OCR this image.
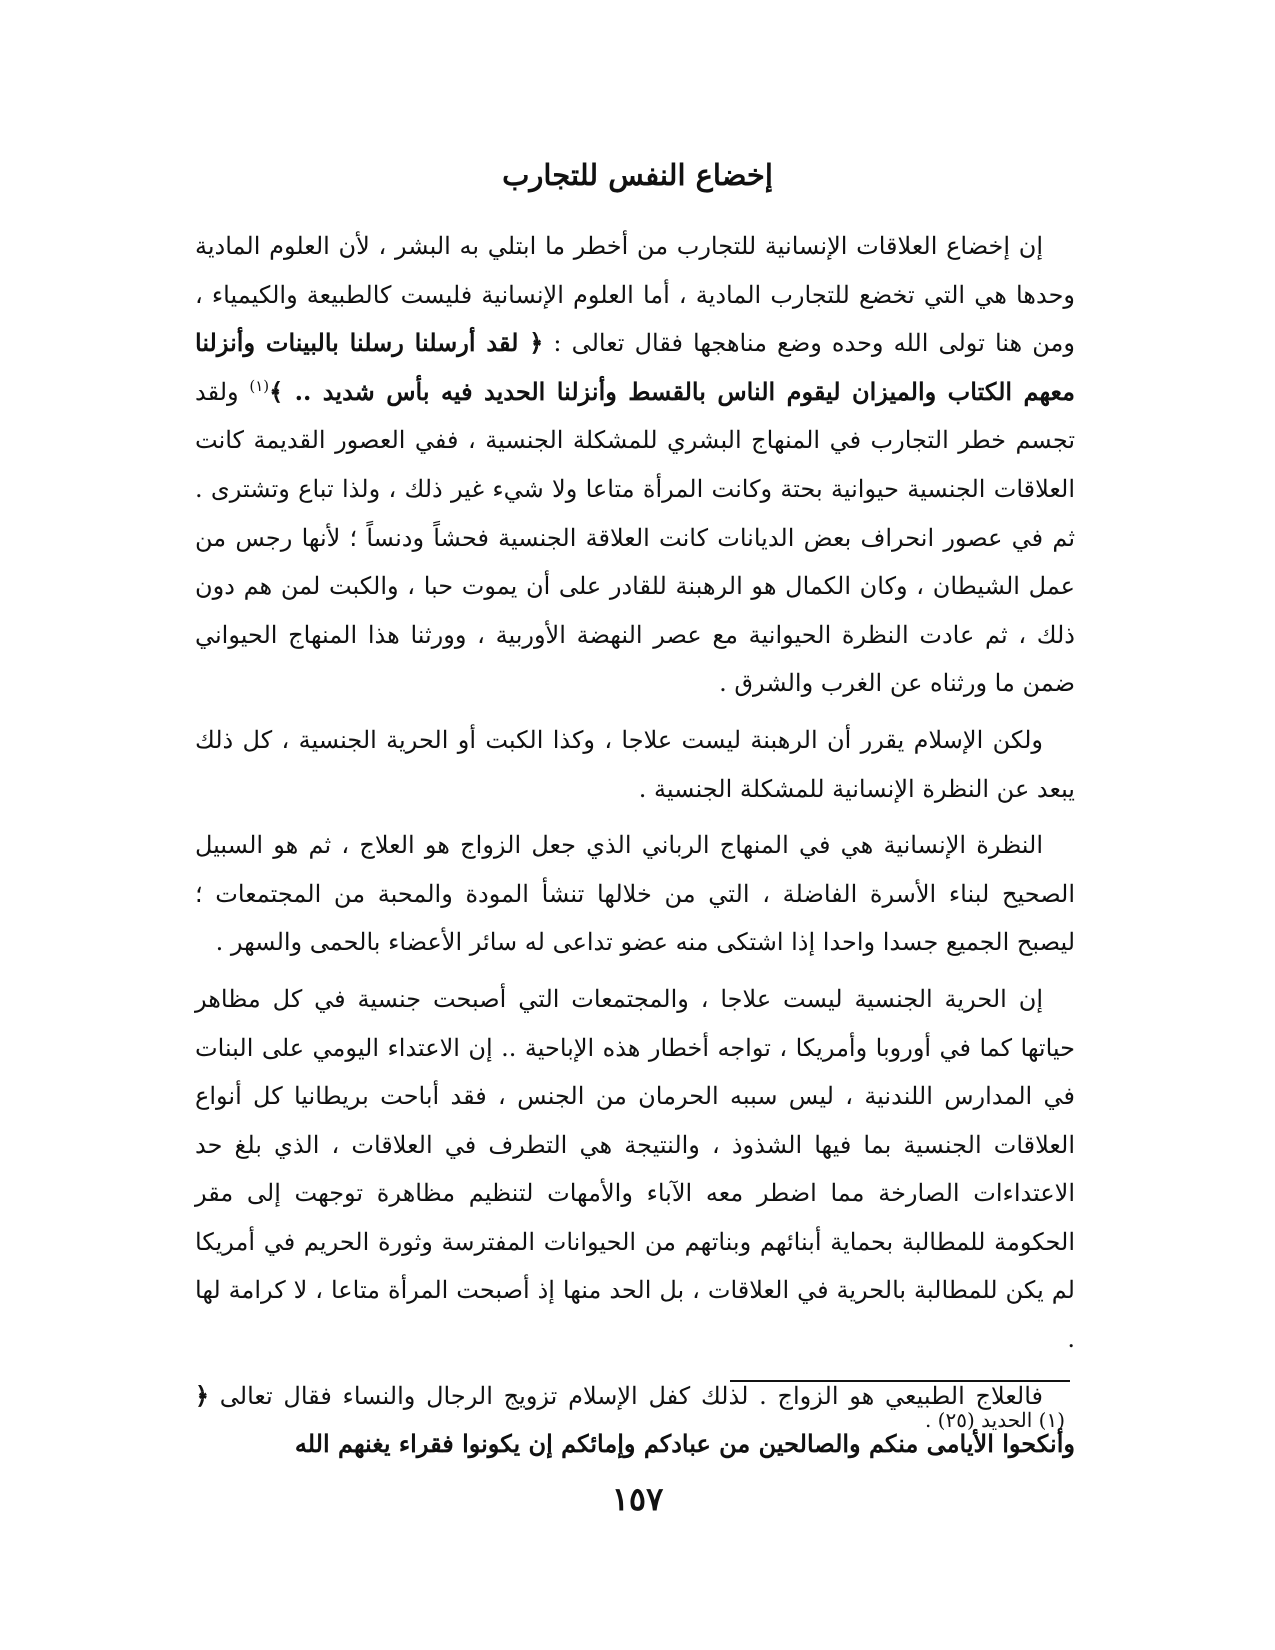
إخضاع النفس للتجارب

إن إخضاع العلاقات الإنسانية للتجارب من أخطر ما ابتلي به البشر ، لأن العلوم المادية وحدها هي التي تخضع للتجارب المادية ، أما العلوم الإنسانية فليست كالطبيعة والكيمياء ، ومن هنا تولى الله وحده وضع مناهجها فقال تعالى : ﴿ لقد أرسلنا رسلنا بالبينات وأنزلنا معهم الكتاب والميزان ليقوم الناس بالقسط وأنزلنا الحديد فيه بأس شديد .. ﴾$^{(١)}$ ولقد تجسم خطر التجارب في المنهاج البشري للمشكلة الجنسية ، ففي العصور القديمة كانت العلاقات الجنسية حيوانية بحتة وكانت المرأة متاعا ولا شيء غير ذلك ، ولذا تباع وتشترى . ثم في عصور انحراف بعض الديانات كانت العلاقة الجنسية فحشاً ودنساً ؛ لأنها رجس من عمل الشيطان ، وكان الكمال هو الرهبنة للقادر على أن يموت حبا ، والكبت لمن هم دون ذلك ، ثم عادت النظرة الحيوانية مع عصر النهضة الأوربية ، وورثنا هذا المنهاج الحيواني ضمن ما ورثناه عن الغرب والشرق .

ولكن الإسلام يقرر أن الرهبنة ليست علاجا ، وكذا الكبت أو الحرية الجنسية ، كل ذلك يبعد عن النظرة الإنسانية للمشكلة الجنسية .

النظرة الإنسانية هي في المنهاج الرباني الذي جعل الزواج هو العلاج ، ثم هو السبيل الصحيح لبناء الأسرة الفاضلة ، التي من خلالها تنشأ المودة والمحبة من المجتمعات ؛ ليصبح الجميع جسدا واحدا إذا اشتكى منه عضو تداعى له سائر الأعضاء بالحمى والسهر .

إن الحرية الجنسية ليست علاجا ، والمجتمعات التي أصبحت جنسية في كل مظاهر حياتها كما في أوروبا وأمريكا ، تواجه أخطار هذه الإباحية .. إن الاعتداء اليومي على البنات في المدارس اللندنية ، ليس سببه الحرمان من الجنس ، فقد أباحت بريطانيا كل أنواع العلاقات الجنسية بما فيها الشذوذ ، والنتيجة هي التطرف في العلاقات ، الذي بلغ حد الاعتداءات الصارخة مما اضطر معه الآباء والأمهات لتنظيم مظاهرة توجهت إلى مقر الحكومة للمطالبة بحماية أبنائهم وبناتهم من الحيوانات المفترسة وثورة الحريم في أمريكا لم يكن للمطالبة بالحرية في العلاقات ، بل الحد منها إذ أصبحت المرأة متاعا ، لا كرامة لها .

فالعلاج الطبيعي هو الزواج . لذلك كفل الإسلام تزويج الرجال والنساء فقال تعالى ﴿ وأنكحوا الأيامى منكم والصالحين من عبادكم وإمائكم إن يكونوا فقراء يغنهم الله

(١) الحديد (٢٥) .
١٥٧
